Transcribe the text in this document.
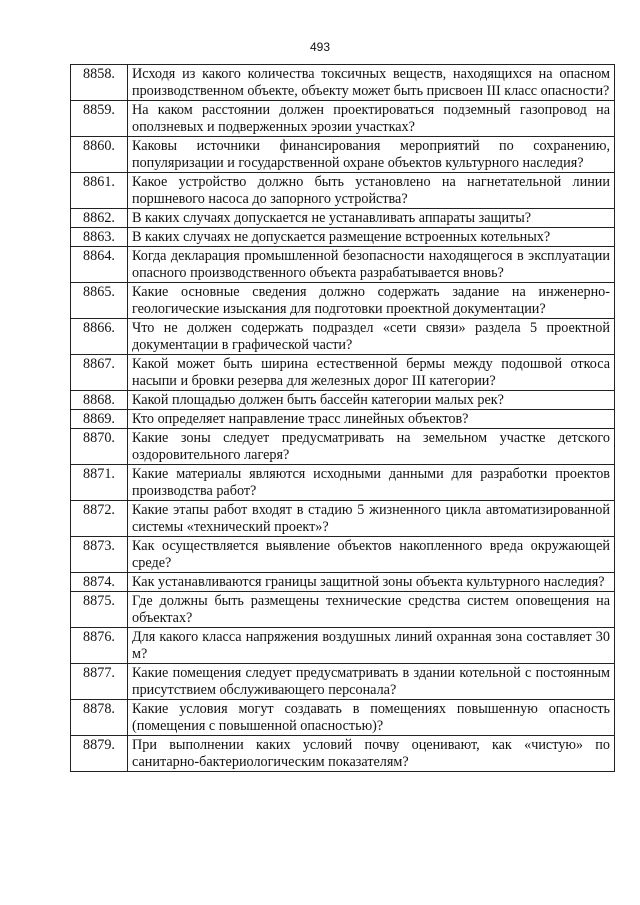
493
8858.	Исходя из какого количества токсичных веществ, находящихся на опасном производственном объекте, объекту может быть присвоен III класс опасности?
8859.	На каком расстоянии должен проектироваться подземный газопровод на оползневых и подверженных эрозии участках?
8860.	Каковы источники финансирования мероприятий по сохранению, популяризации и государственной охране объектов культурного наследия?
8861.	Какое устройство должно быть установлено на нагнетательной линии поршневого насоса до запорного устройства?
8862.	В каких случаях допускается не устанавливать аппараты защиты?
8863.	В каких случаях не допускается размещение встроенных котельных?
8864.	Когда декларация промышленной безопасности находящегося в эксплуатации опасного производственного объекта разрабатывается вновь?
8865.	Какие основные сведения должно содержать задание на инженерно-геологические изыскания для подготовки проектной документации?
8866.	Что не должен содержать подраздел «сети связи» раздела 5 проектной документации в графической части?
8867.	Какой может быть ширина естественной бермы между подошвой откоса насыпи и бровки резерва для железных дорог III категории?
8868.	Какой площадью должен быть бассейн категории малых рек?
8869.	Кто определяет направление трасс линейных объектов?
8870.	Какие зоны следует предусматривать на земельном участке детского оздоровительного лагеря?
8871.	Какие материалы являются исходными данными для разработки проектов производства работ?
8872.	Какие этапы работ входят в стадию 5 жизненного цикла автоматизированной системы «технический проект»?
8873.	Как осуществляется выявление объектов накопленного вреда окружающей среде?
8874.	Как устанавливаются границы защитной зоны объекта культурного наследия?
8875.	Где должны быть размещены технические средства систем оповещения на объектах?
8876.	Для какого класса напряжения воздушных линий охранная зона составляет 30 м?
8877.	Какие помещения следует предусматривать в здании котельной с постоянным присутствием обслуживающего персонала?
8878.	Какие условия могут создавать в помещениях повышенную опасность (помещения с повышенной опасностью)?
8879.	При выполнении каких условий почву оценивают, как «чистую» по санитарно-бактериологическим показателям?
